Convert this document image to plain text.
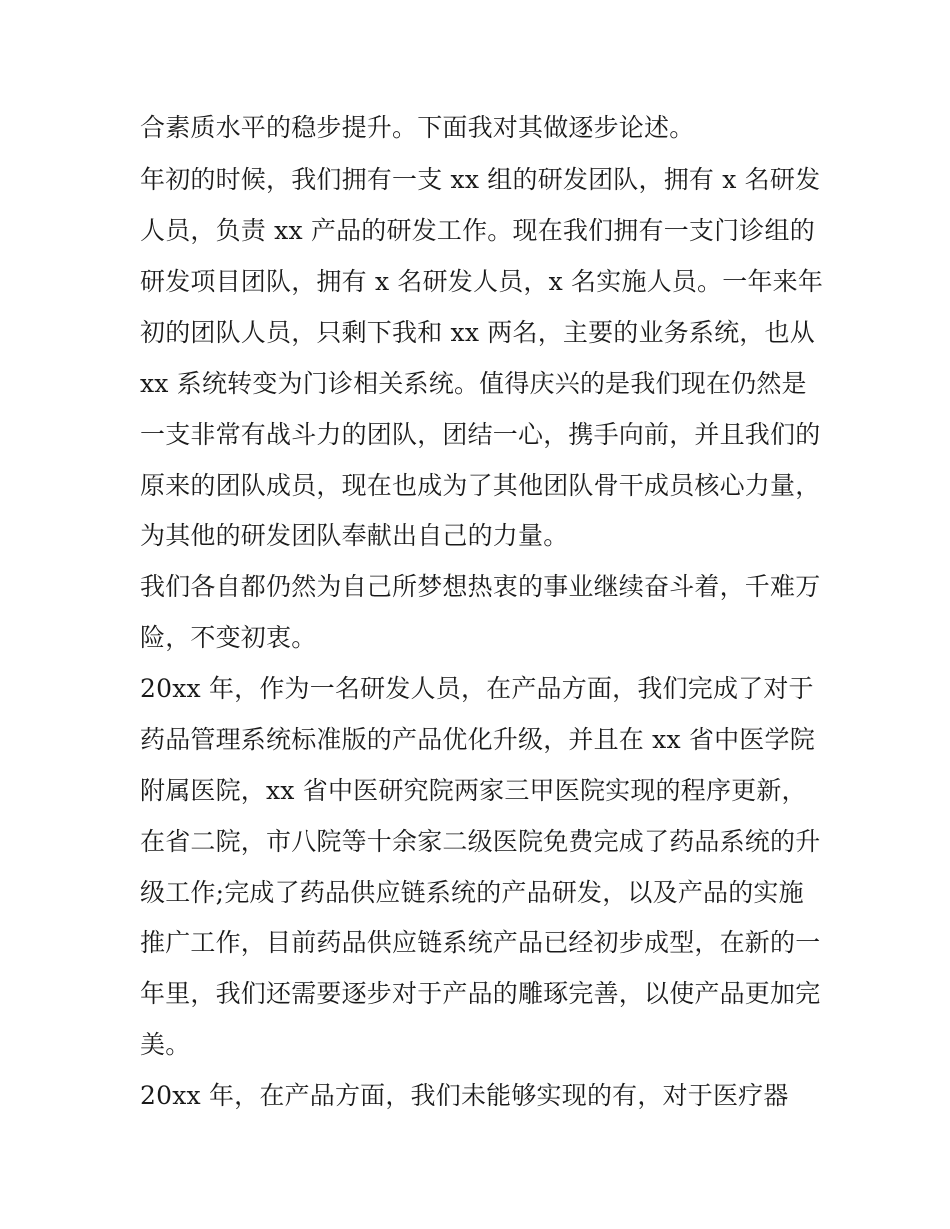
合素质水平的稳步提升。下面我对其做逐步论述。
年初的时候，我们拥有一支 xx 组的研发团队，拥有 x 名研发
人员，负责 xx 产品的研发工作。现在我们拥有一支门诊组的
研发项目团队，拥有 x 名研发人员，x 名实施人员。一年来年
初的团队人员，只剩下我和 xx 两名，主要的业务系统，也从
xx 系统转变为门诊相关系统。值得庆兴的是我们现在仍然是
一支非常有战斗力的团队，团结一心，携手向前，并且我们的
原来的团队成员，现在也成为了其他团队骨干成员核心力量，
为其他的研发团队奉献出自己的力量。
我们各自都仍然为自己所梦想热衷的事业继续奋斗着，千难万
险，不变初衷。
20xx 年，作为一名研发人员，在产品方面，我们完成了对于
药品管理系统标准版的产品优化升级，并且在 xx 省中医学院
附属医院，xx 省中医研究院两家三甲医院实现的程序更新，
在省二院，市八院等十余家二级医院免费完成了药品系统的升
级工作;完成了药品供应链系统的产品研发，以及产品的实施
推广工作，目前药品供应链系统产品已经初步成型，在新的一
年里，我们还需要逐步对于产品的雕琢完善，以使产品更加完
美。
20xx 年，在产品方面，我们未能够实现的有，对于医疗器
